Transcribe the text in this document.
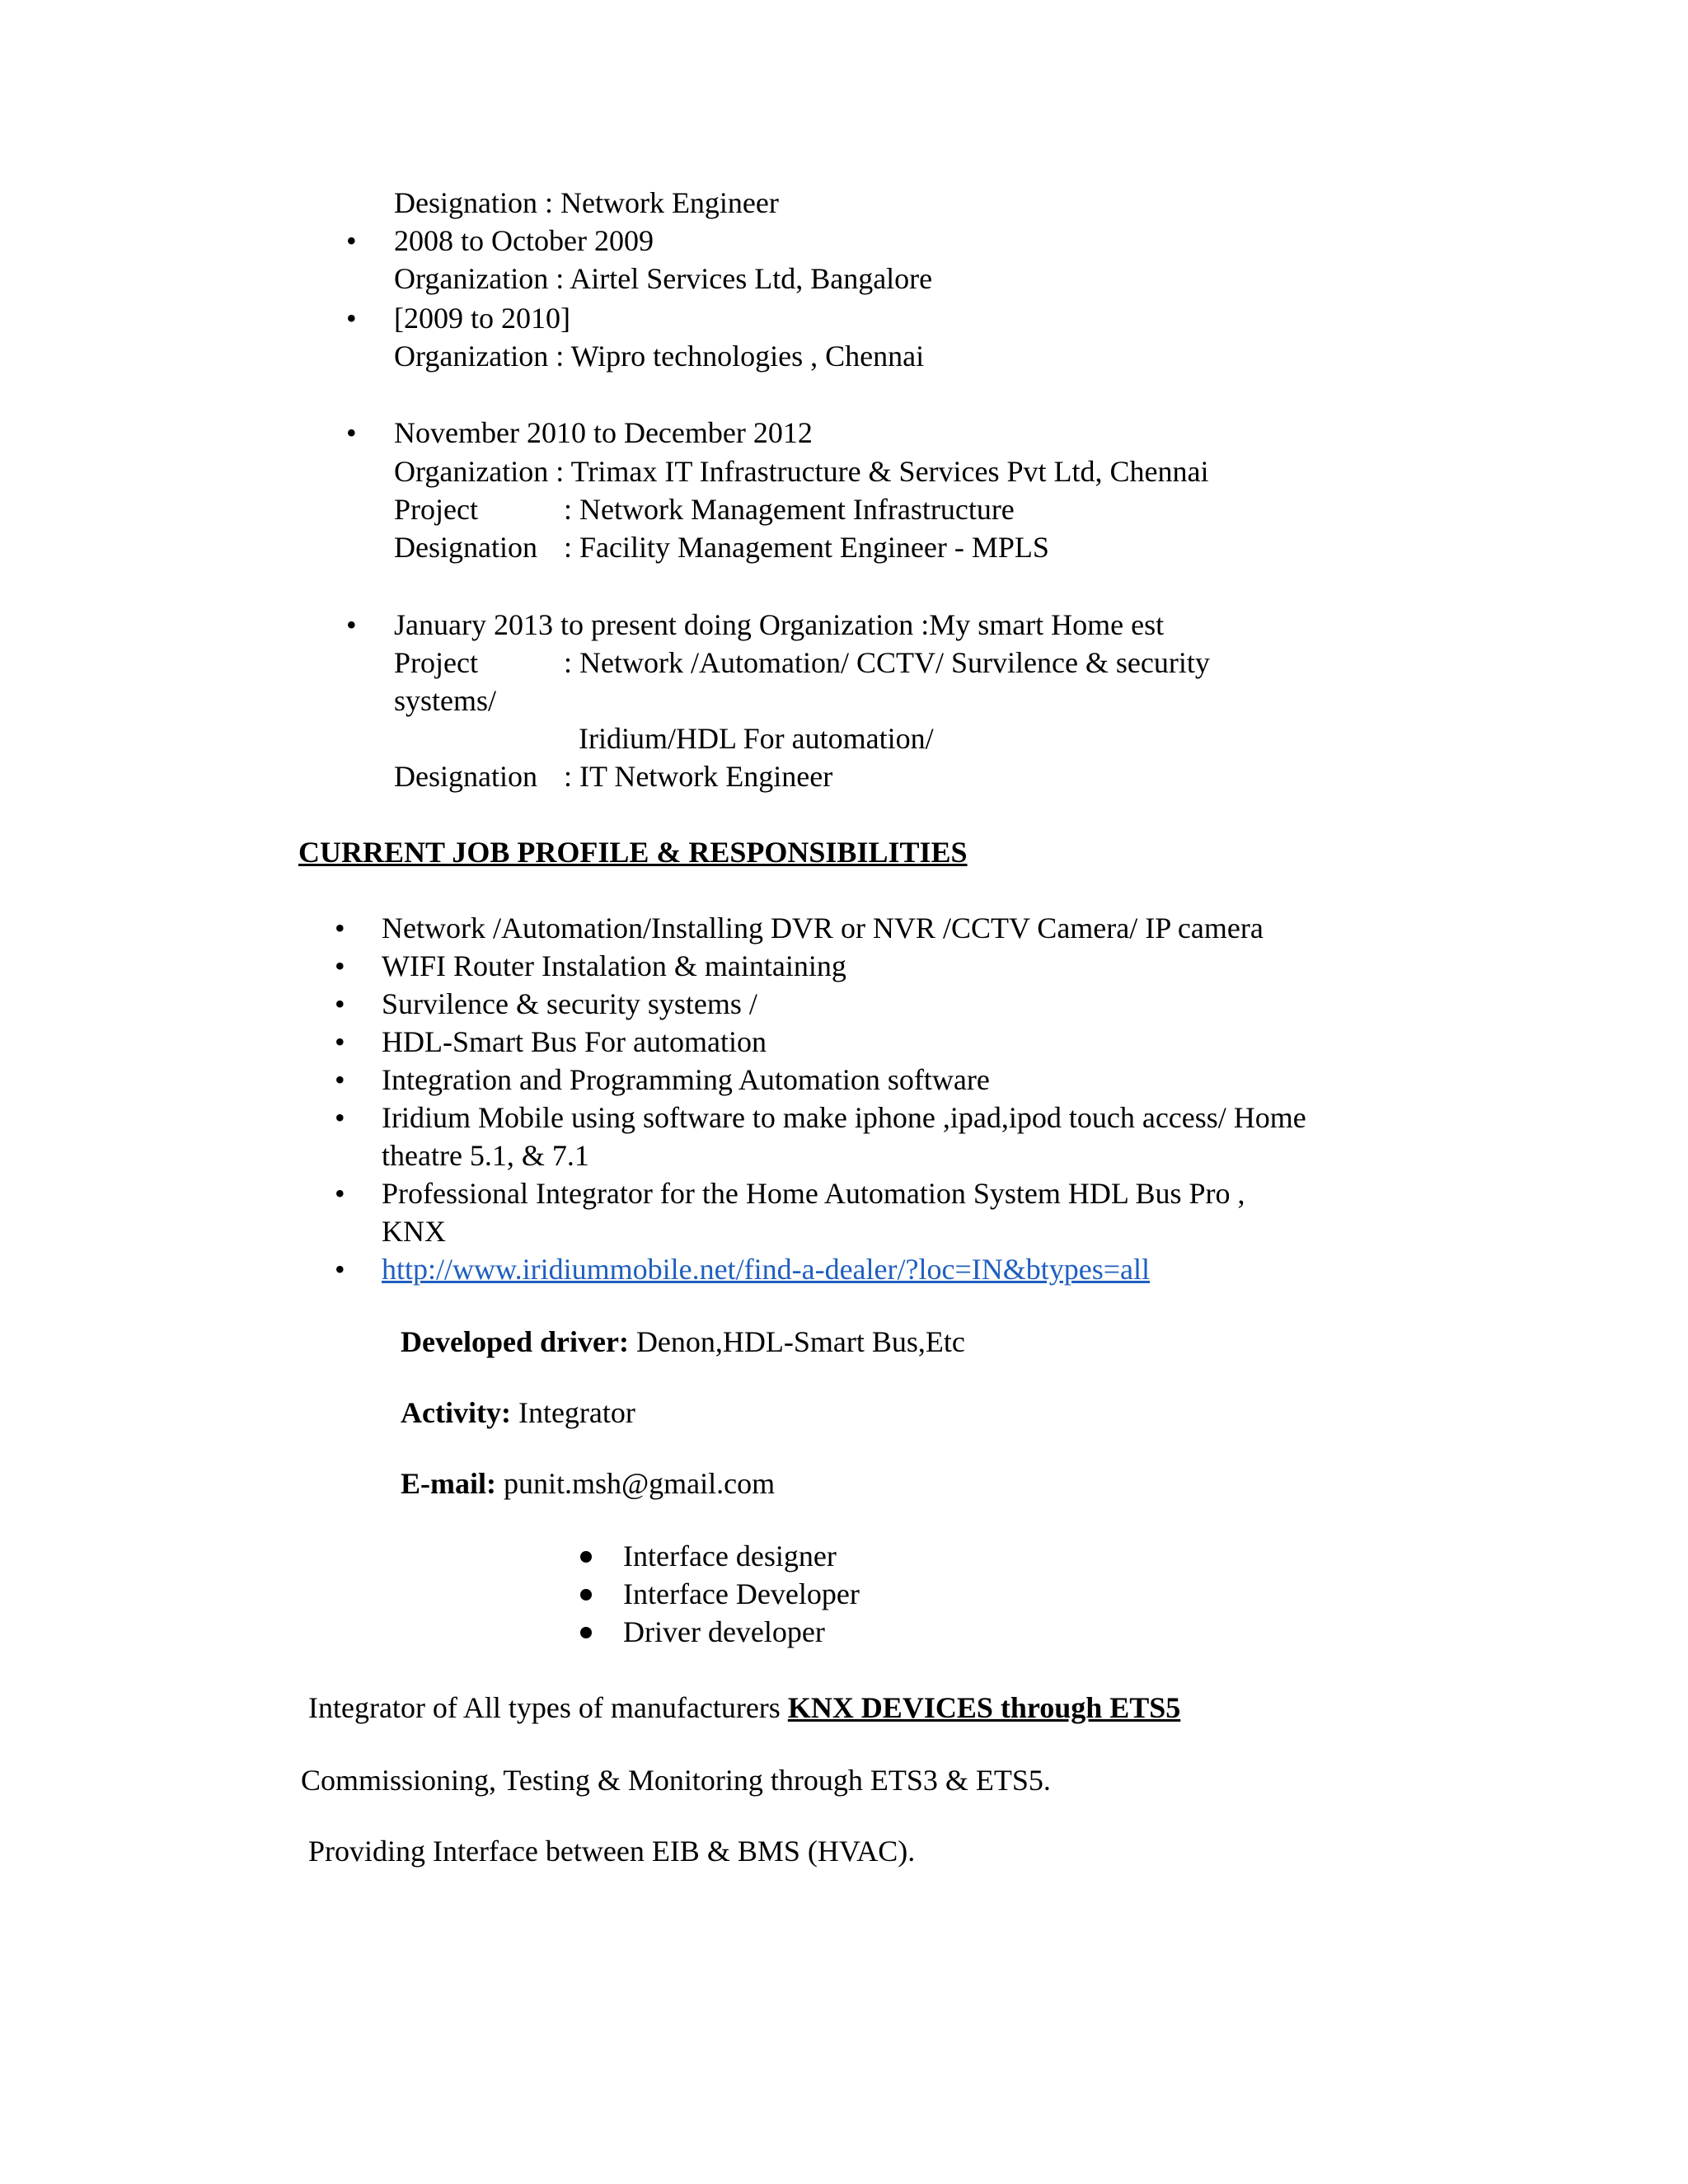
Designation : Network Engineer
• 2008 to October 2009
Organization : Airtel Services Ltd, Bangalore
• [2009 to 2010]
Organization : Wipro technologies , Chennai
• November 2010 to December 2012
Organization : Trimax IT Infrastructure & Services Pvt Ltd, Chennai
Project	: Network Management Infrastructure
Designation : Facility Management Engineer - MPLS
• January 2013 to present doing Organization :My smart Home est
Project	: Network /Automation/ CCTV/ Survilence & security
systems/
Iridium/HDL For automation/
Designation : IT Network Engineer
CURRENT JOB PROFILE & RESPONSIBILITIES
• Network /Automation/Installing DVR or NVR /CCTV Camera/ IP camera
• WIFI Router Instalation & maintaining
• Survilence & security systems /
• HDL-Smart Bus For automation
• Integration and Programming Automation software
• Iridium Mobile using software to make iphone ,ipad,ipod touch access/ Home
theatre 5.1, & 7.1
• Professional Integrator for the Home Automation System HDL Bus Pro ,
KNX
• http://www.iridiummobile.net/find-a-dealer/?loc=IN&btypes=all
Developed driver: Denon,HDL-Smart Bus,Etc
Activity: Integrator
E-mail: punit.msh@gmail.com
Interface designer
Interface Developer
Driver developer
Integrator of All types of manufacturers KNX DEVICES through ETS5
Commissioning, Testing & Monitoring through ETS3 & ETS5.
Providing Interface between EIB & BMS (HVAC).
